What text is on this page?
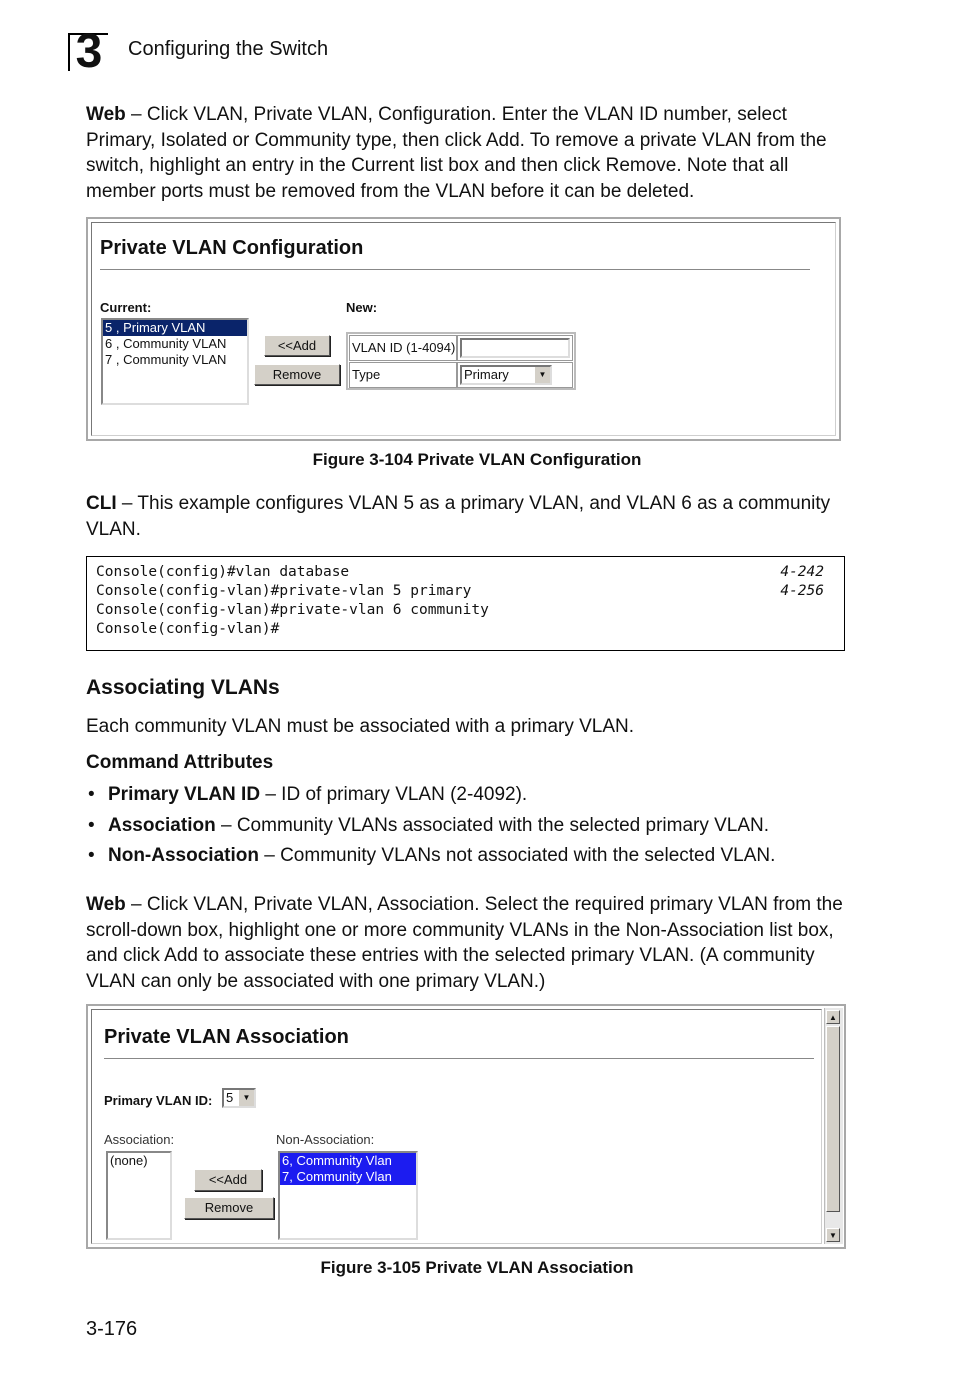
3	Configuring the Switch
Web – Click VLAN, Private VLAN, Configuration. Enter the VLAN ID number, select Primary, Isolated or Community type, then click Add. To remove a private VLAN from the switch, highlight an entry in the Current list box and then click Remove. Note that all member ports must be removed from the VLAN before it can be deleted.
Private VLAN Configuration
Current:	New:
5 , Primary VLAN
6 , Community VLAN
7 , Community VLAN
<<Add
Remove
VLAN ID (1-4094)
Type	Primary	▼
Figure 3-104 Private VLAN Configuration
CLI – This example configures VLAN 5 as a primary VLAN, and VLAN 6 as a community VLAN.
Console(config)#vlan database	4-242
Console(config-vlan)#private-vlan 5 primary	4-256
Console(config-vlan)#private-vlan 6 community
Console(config-vlan)#
Associating VLANs
Each community VLAN must be associated with a primary VLAN.
Command Attributes
• Primary VLAN ID – ID of primary VLAN (2-4092).
• Association – Community VLANs associated with the selected primary VLAN.
• Non-Association – Community VLANs not associated with the selected VLAN.
Web – Click VLAN, Private VLAN, Association. Select the required primary VLAN from the scroll-down box, highlight one or more community VLANs in the Non-Association list box, and click Add to associate these entries with the selected primary VLAN. (A community VLAN can only be associated with one primary VLAN.)
Private VLAN Association
Primary VLAN ID:	5	▼
Association:
(none)
<<Add
Remove
Non-Association:
6, Community Vlan
7, Community Vlan
▲
▼
Figure 3-105 Private VLAN Association
3-176
